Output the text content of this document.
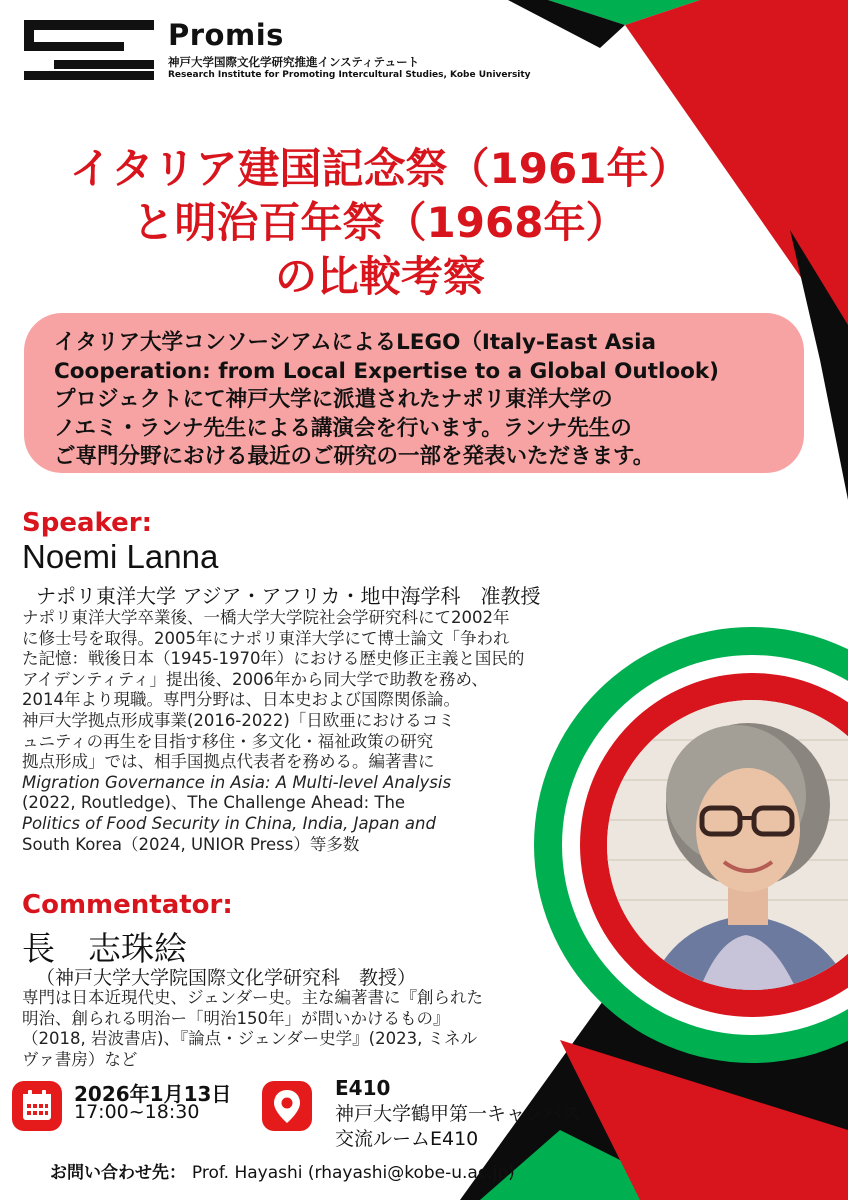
Promis
神戸大学国際文化学研究推進インスティテュート
Research Institute for Promoting Intercultural Studies, Kobe University
イタリア建国記念祭（1961年）
と明治百年祭（1968年）
の比較考察
イタリア大学コンソーシアムによるLEGO（Italy-East Asia
Cooperation: from Local Expertise to a Global Outlook)
プロジェクトにて神戸大学に派遣されたナポリ東洋大学の
ノエミ・ランナ先生による講演会を行います。ランナ先生の
ご専門分野における最近のご研究の一部を発表いただきます。
Speaker:
Noemi Lanna
ナポリ東洋大学 アジア・アフリカ・地中海学科　准教授
ナポリ東洋大学卒業後、一橋大学大学院社会学研究科にて2002年
に修士号を取得。2005年にナポリ東洋大学にて博士論文「争われ
た記憶：戦後日本（1945-1970年）における歴史修正主義と国民的
アイデンティティ」提出後、2006年から同大学で助教を務め、
2014年より現職。専門分野は、日本史および国際関係論。
神戸大学拠点形成事業(2016-2022)「日欧亜におけるコミ
ュニティの再生を目指す移住・多文化・福祉政策の研究
拠点形成」では、相手国拠点代表者を務める。編著書に
Migration Governance in Asia: A Multi-level Analysis
(2022, Routledge)、The Challenge Ahead: The
Politics of Food Security in China, India, Japan and
South Korea（2024, UNIOR Press）等多数
Commentator:
長　志珠絵
（神戸大学大学院国際文化学研究科　教授）
専門は日本近現代史、ジェンダー史。主な編著書に『創られた
明治、創られる明治ー「明治150年」が問いかけるもの』
（2018, 岩波書店)、『論点・ジェンダー史学』(2023, ミネル
ヴァ書房）など
2026年1月13日
17:00~18:30
E410
神戸大学鶴甲第一キャンパス
交流ルームE410
お問い合わせ先： Prof. Hayashi (rhayashi@kobe-u.ac.jp)
